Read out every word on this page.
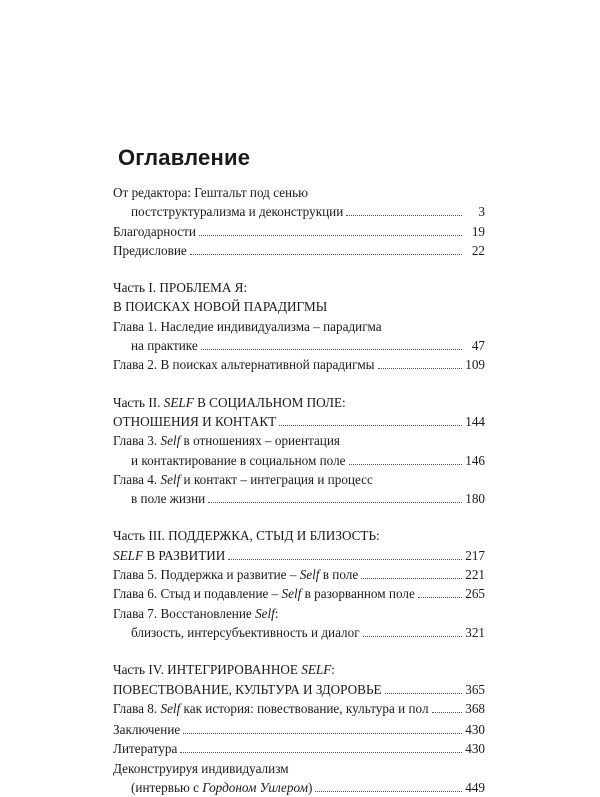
Оглавление
От редактора: Гештальт под сенью
постструктурализма и деконструкции	3
Благодарности	19
Предисловие	22
Часть I. ПРОБЛЕМА Я:
В ПОИСКАХ НОВОЙ ПАРАДИГМЫ
Глава 1. Наследие индивидуализма – парадигма
на практике	47
Глава 2. В поисках альтернативной парадигмы	109
Часть II. SELF В СОЦИАЛЬНОМ ПОЛЕ:
ОТНОШЕНИЯ И КОНТАКТ	144
Глава 3. Self в отношениях – ориентация
и контактирование в социальном поле	146
Глава 4. Self и контакт – интеграция и процесс
в поле жизни	180
Часть III. ПОДДЕРЖКА, СТЫД И БЛИЗОСТЬ:
SELF В РАЗВИТИИ	217
Глава 5. Поддержка и развитие – Self в поле	221
Глава 6. Стыд и подавление – Self в разорванном поле	265
Глава 7. Восстановление Self:
близость, интерсубъективность и диалог	321
Часть IV. ИНТЕГРИРОВАННОЕ SELF:
ПОВЕСТВОВАНИЕ, КУЛЬТУРА И ЗДОРОВЬЕ	365
Глава 8. Self как история: повествование, культура и пол	368
Заключение	430
Литература	430
Деконструируя индивидуализм
(интервью с Гордоном Уилером)	449
